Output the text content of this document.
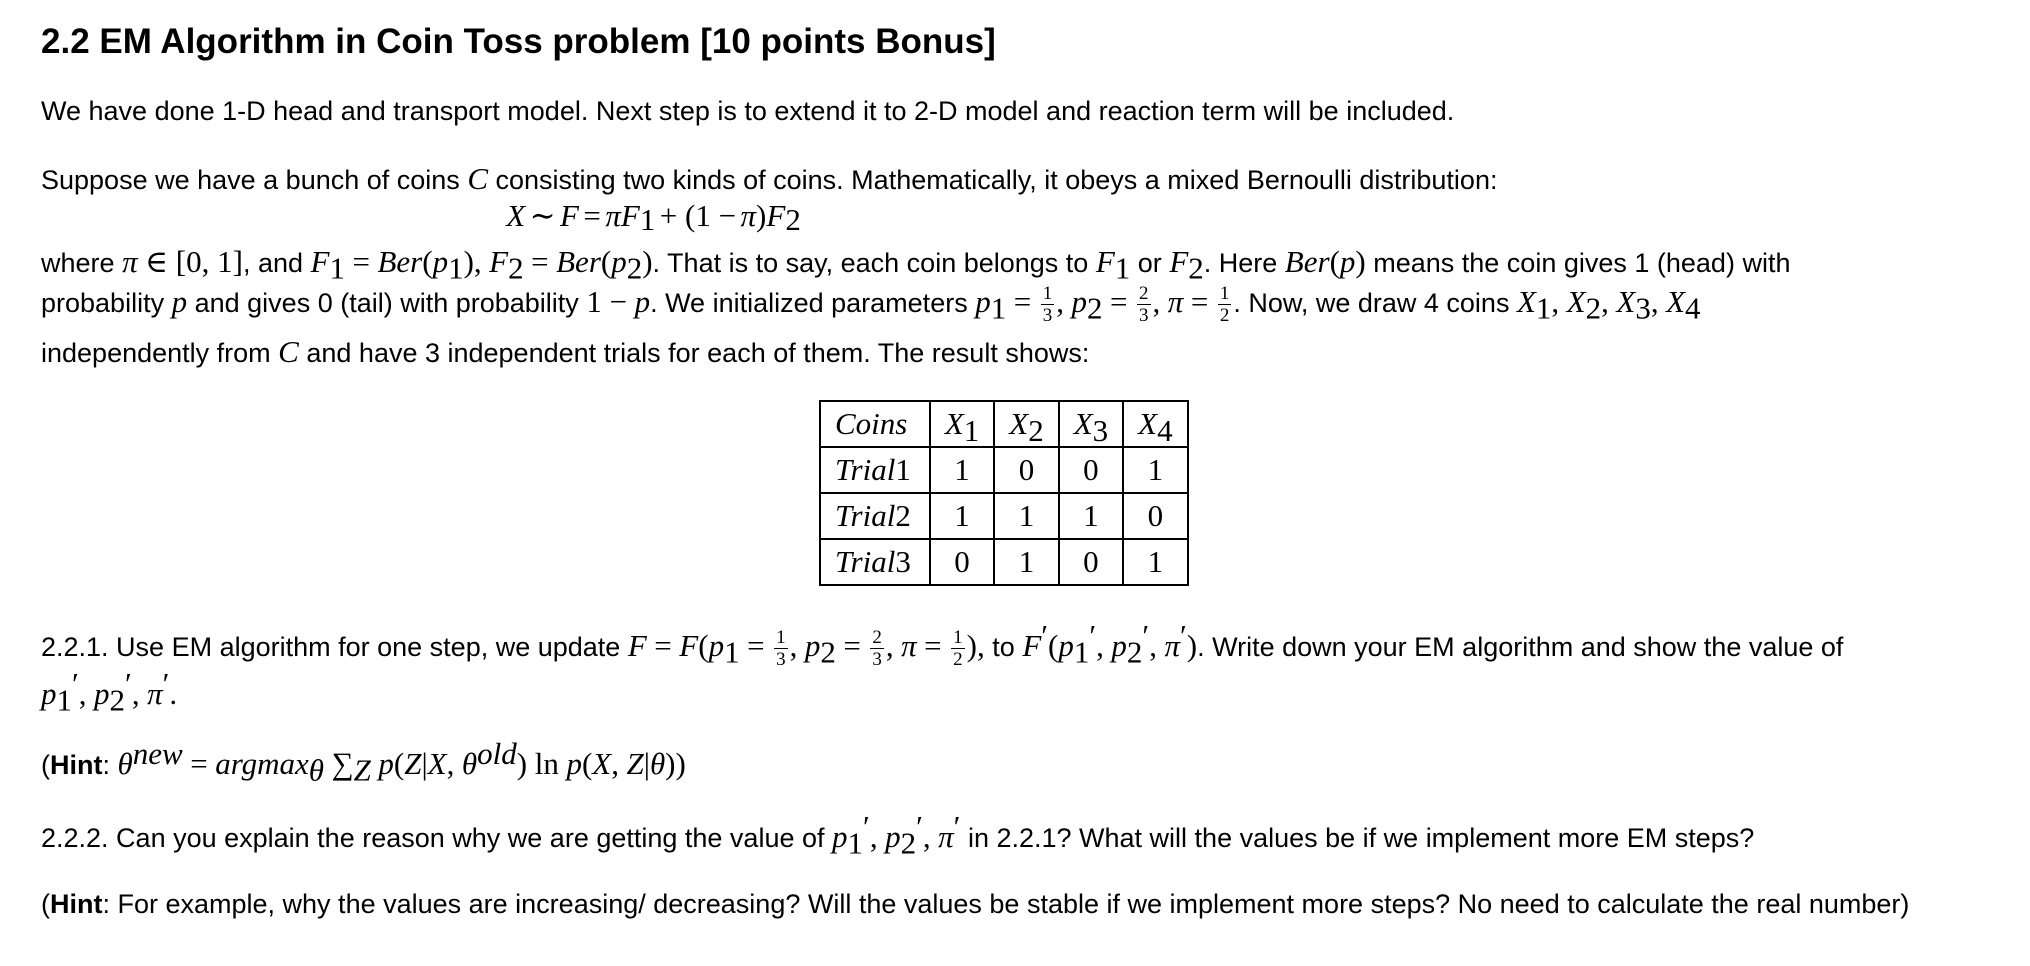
2.2 EM Algorithm in Coin Toss problem [10 points Bonus]
We have done 1-D head and transport model. Next step is to extend it to 2-D model and reaction term will be included.
Suppose we have a bunch of coins C consisting two kinds of coins. Mathematically, it obeys a mixed Bernoulli distribution:
X ∼ $F = \pi F_1 + (1 - \pi)F_2$
where π ∈ [0, 1], and $F_1 = Ber(p_1)$, $F_2 = Ber(p_2)$. That is to say, each coin belongs to $F_1$ or $F_2$. Here Ber(p) means the coin gives 1 (head) with
probability p and gives 0 (tail) with probability 1 − p. We initialized parameters $p_1 = \frac{1}{3}$ , $p_2 = \frac{2}{3}$ , $\pi = \frac{1}{2}$ . Now, we draw 4 coins $X_1$, $X_2$, $X_3$, $X_4$
independently from C and have 3 independent trials for each of them. The result shows:
Coins	$X_1$	$X_2$	$X_3$	$X_4$
Trial1	1	0	0	1
Trial2	1	1	1	0
Trial3	0	1	0	1
2.2.1. Use EM algorithm for one step, we update $F = F(p_1 = \frac{1}{3}$ , $p_2 = \frac{2}{3}$ , $\pi = \frac{1}{2}$ ), to $F'(p_1'$, $p_2'$, π′). Write down your EM algorithm and show the value of
$p_1'$, $p_2'$, π′.
(Hint: $\theta^{new} = argmax_\theta$ $\sum_Z$ p(Z|X, $\theta^{old}$) ln p(X, Z|θ))
2.2.2. Can you explain the reason why we are getting the value of $p_1'$, $p_2'$, π′ in 2.2.1? What will the values be if we implement more EM steps?
(Hint: For example, why the values are increasing/ decreasing? Will the values be stable if we implement more steps? No need to calculate the real number)
